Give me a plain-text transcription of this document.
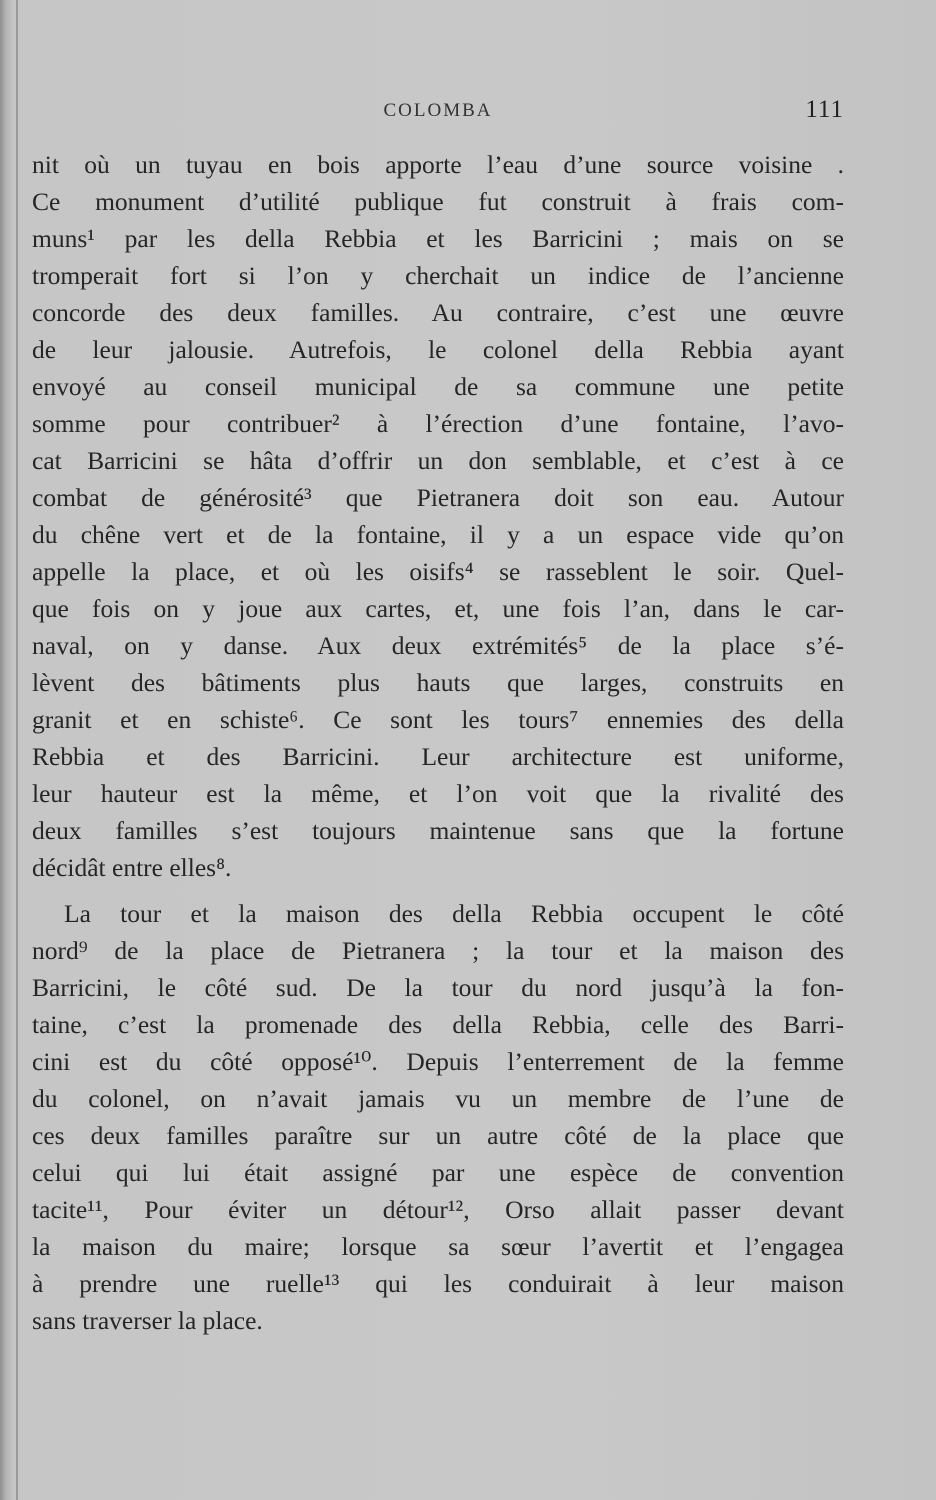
COLOMBA	111
nit où un tuyau en bois apporte l’eau d’une source voisine .
Ce monument d’utilité publique fut construit à frais com-
muns¹ par les della Rebbia et les Barricini ; mais on se
tromperait fort si l’on y cherchait un indice de l’ancienne
concorde des deux familles. Au contraire, c’est une œuvre
de leur jalousie. Autrefois, le colonel della Rebbia ayant
envoyé au conseil municipal de sa commune une petite
somme pour contribuer² à l’érection d’une fontaine, l’avo-
cat Barricini se hâta d’offrir un don semblable, et c’est à ce
combat de générosité³ que Pietranera doit son eau. Autour
du chêne vert et de la fontaine, il y a un espace vide qu’on
appelle la place, et où les oisifs⁴ se rasseblent le soir. Quel-
que fois on y joue aux cartes, et, une fois l’an, dans le car-
naval, on y danse. Aux deux extrémités⁵ de la place s’é-
lèvent des bâtiments plus hauts que larges, construits en
granit et en schiste⁶. Ce sont les tours⁷ ennemies des della
Rebbia et des Barricini. Leur architecture est uniforme,
leur hauteur est la même, et l’on voit que la rivalité des
deux familles s’est toujours maintenue sans que la fortune
décidât entre elles⁸.
La tour et la maison des della Rebbia occupent le côté
nord⁹ de la place de Pietranera ; la tour et la maison des
Barricini, le côté sud. De la tour du nord jusqu’à la fon-
taine, c’est la promenade des della Rebbia, celle des Barri-
cini est du côté opposé¹⁰. Depuis l’enterrement de la femme
du colonel, on n’avait jamais vu un membre de l’une de
ces deux familles paraître sur un autre côté de la place que
celui qui lui était assigné par une espèce de convention
tacite¹¹, Pour éviter un détour¹², Orso allait passer devant
la maison du maire; lorsque sa sœur l’avertit et l’engagea
à prendre une ruelle¹³ qui les conduirait à leur maison
sans traverser la place.
